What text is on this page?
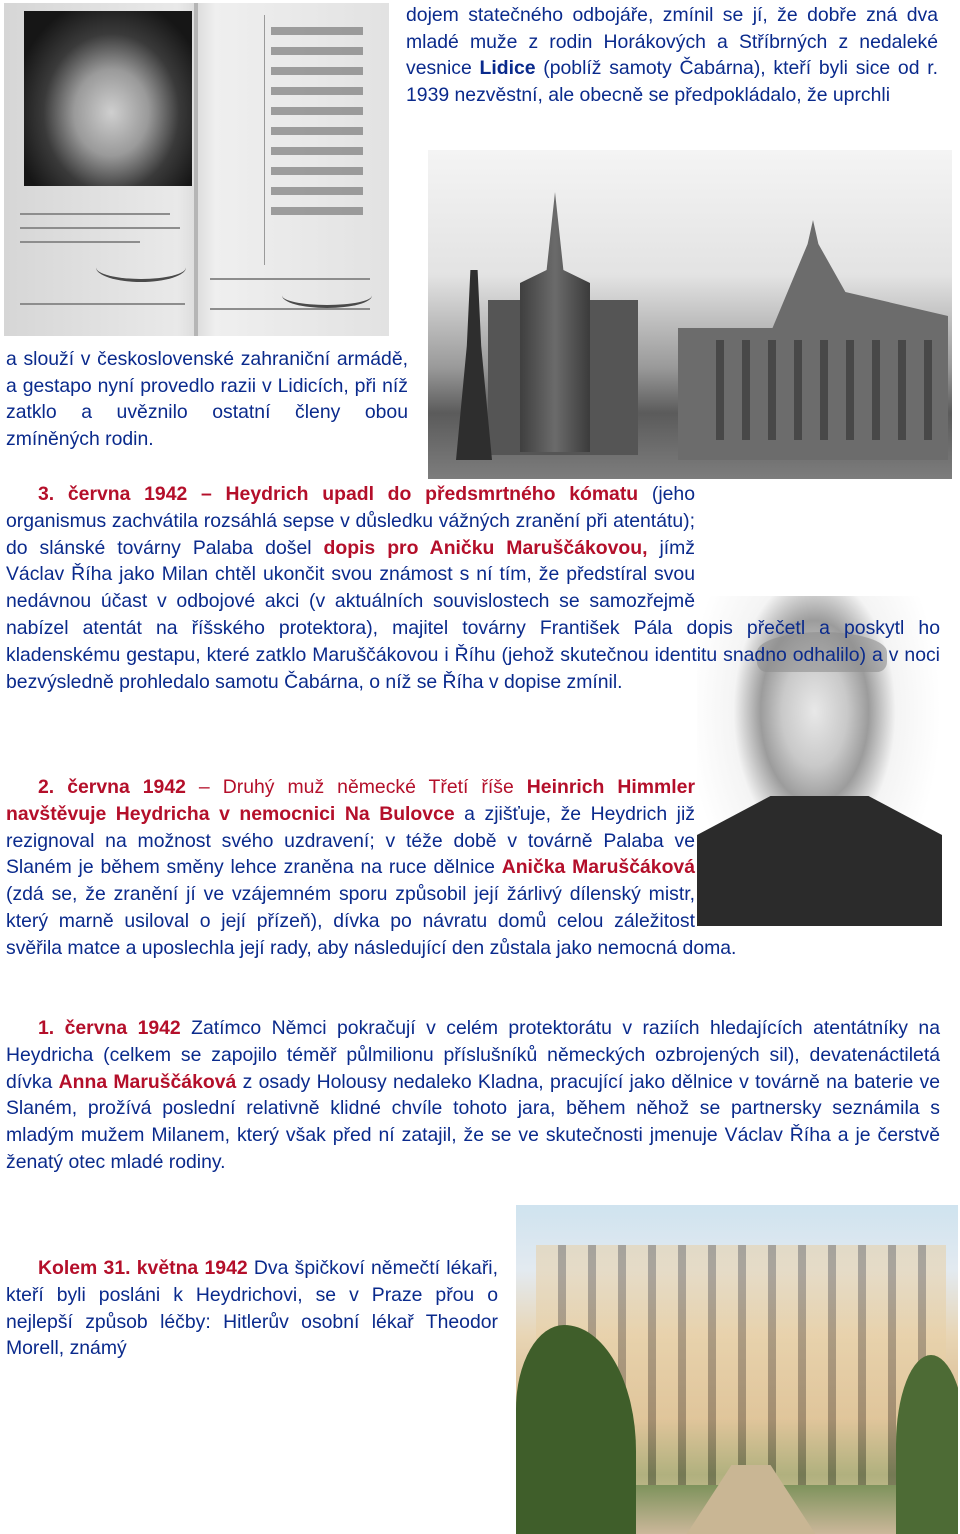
dojem statečného odbojáře, zmínil se jí, že dobře zná dva mladé muže z rodin Horákových a Stříbrných z nedaleké vesnice Lidice (poblíž samoty Čabárna), kteří byli sice od r. 1939 nezvěstní, ale obecně se předpokládalo, že uprchli
a slouží v československé zahraniční armádě, a gestapo nyní provedlo razii v Lidicích, při níž zatklo a uvěznilo ostatní členy obou zmíněných rodin.
3. června 1942 – Heydrich upadl do předsmrtného kómatu (jeho organismus zachvátila rozsáhlá sepse v důsledku vážných zranění při atentátu); do slánské továrny Palaba došel dopis pro Aničku Maruščákovou, jímž Václav Říha jako Milan chtěl ukončit svou známost s ní tím, že předstíral svou nedávnou účast v odbojové akci (v aktuálních souvislostech se samozřejmě nabízel atentát na říšského protektora), majitel továrny František Pála dopis přečetl a poskytl ho kladenskému gestapu, které zatklo Maruščákovou i Říhu (jehož skutečnou identitu snadno odhalilo) a v noci bezvýsledně prohledalo samotu Čabárna, o níž se Říha v dopise zmínil.
2. června 1942 – Druhý muž německé Třetí říše Heinrich Himmler navštěvuje Heydricha v nemocnici Na Bulovce a zjišťuje, že Heydrich již rezignoval na možnost svého uzdravení; v téže době v továrně Palaba ve Slaném je během směny lehce zraněna na ruce dělnice Anička Maruščáková (zdá se, že zranění jí ve vzájemném sporu způsobil její žárlivý dílenský mistr, který marně usiloval o její přízeň), dívka po návratu domů celou záležitost svěřila matce a uposlechla její rady, aby následující den zůstala jako nemocná doma.
1. června 1942 Zatímco Němci pokračují v celém protektorátu v raziích hledajících atentátníky na Heydricha (celkem se zapojilo téměř půlmilionu příslušníků německých ozbrojených sil), devatenáctiletá dívka Anna Maruščáková z osady Holousy nedaleko Kladna, pracující jako dělnice v továrně na baterie ve Slaném, prožívá poslední relativně klidné chvíle tohoto jara, během něhož se partnersky seznámila s mladým mužem Milanem, který však před ní zatajil, že se ve skutečnosti jmenuje Václav Říha a je čerstvě ženatý otec mladé rodiny.
Kolem 31. května 1942 Dva špičkoví němečtí lékaři, kteří byli posláni k Heydrichovi, se v Praze přou o nejlepší způsob léčby: Hitlerův osobní lékař Theodor Morell, známý
